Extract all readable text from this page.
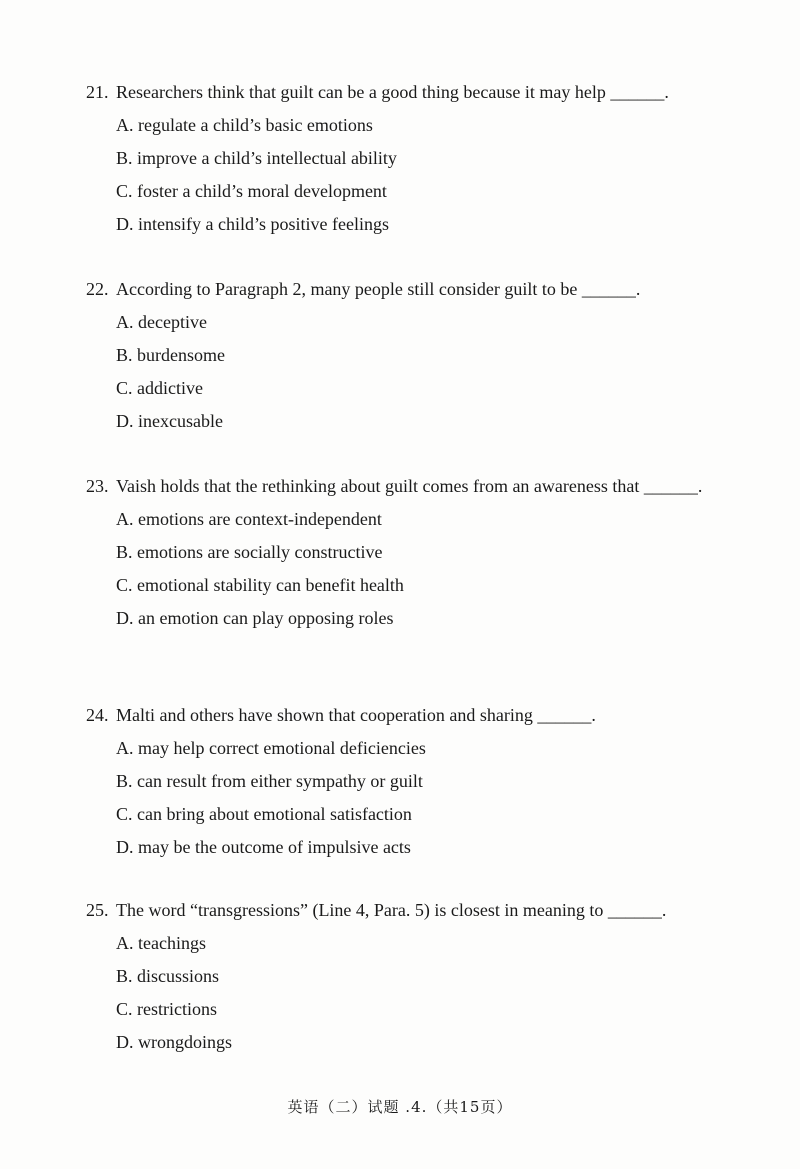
21. Researchers think that guilt can be a good thing because it may help ______.

A. regulate a child’s basic emotions
B. improve a child’s intellectual ability
C. foster a child’s moral development
D. intensify a child’s positive feelings

22. According to Paragraph 2, many people still consider guilt to be ______.

A. deceptive
B. burdensome
C. addictive
D. inexcusable

23. Vaish holds that the rethinking about guilt comes from an awareness that ______.

A. emotions are context-independent
B. emotions are socially constructive
C. emotional stability can benefit health
D. an emotion can play opposing roles

24. Malti and others have shown that cooperation and sharing ______.

A. may help correct emotional deficiencies
B. can result from either sympathy or guilt
C. can bring about emotional satisfaction
D. may be the outcome of impulsive acts

25. The word “transgressions” (Line 4, Para. 5) is closest in meaning to ______.

A. teachings
B. discussions
C. restrictions
D. wrongdoings
英语（二）试题 .4.（共15页）
